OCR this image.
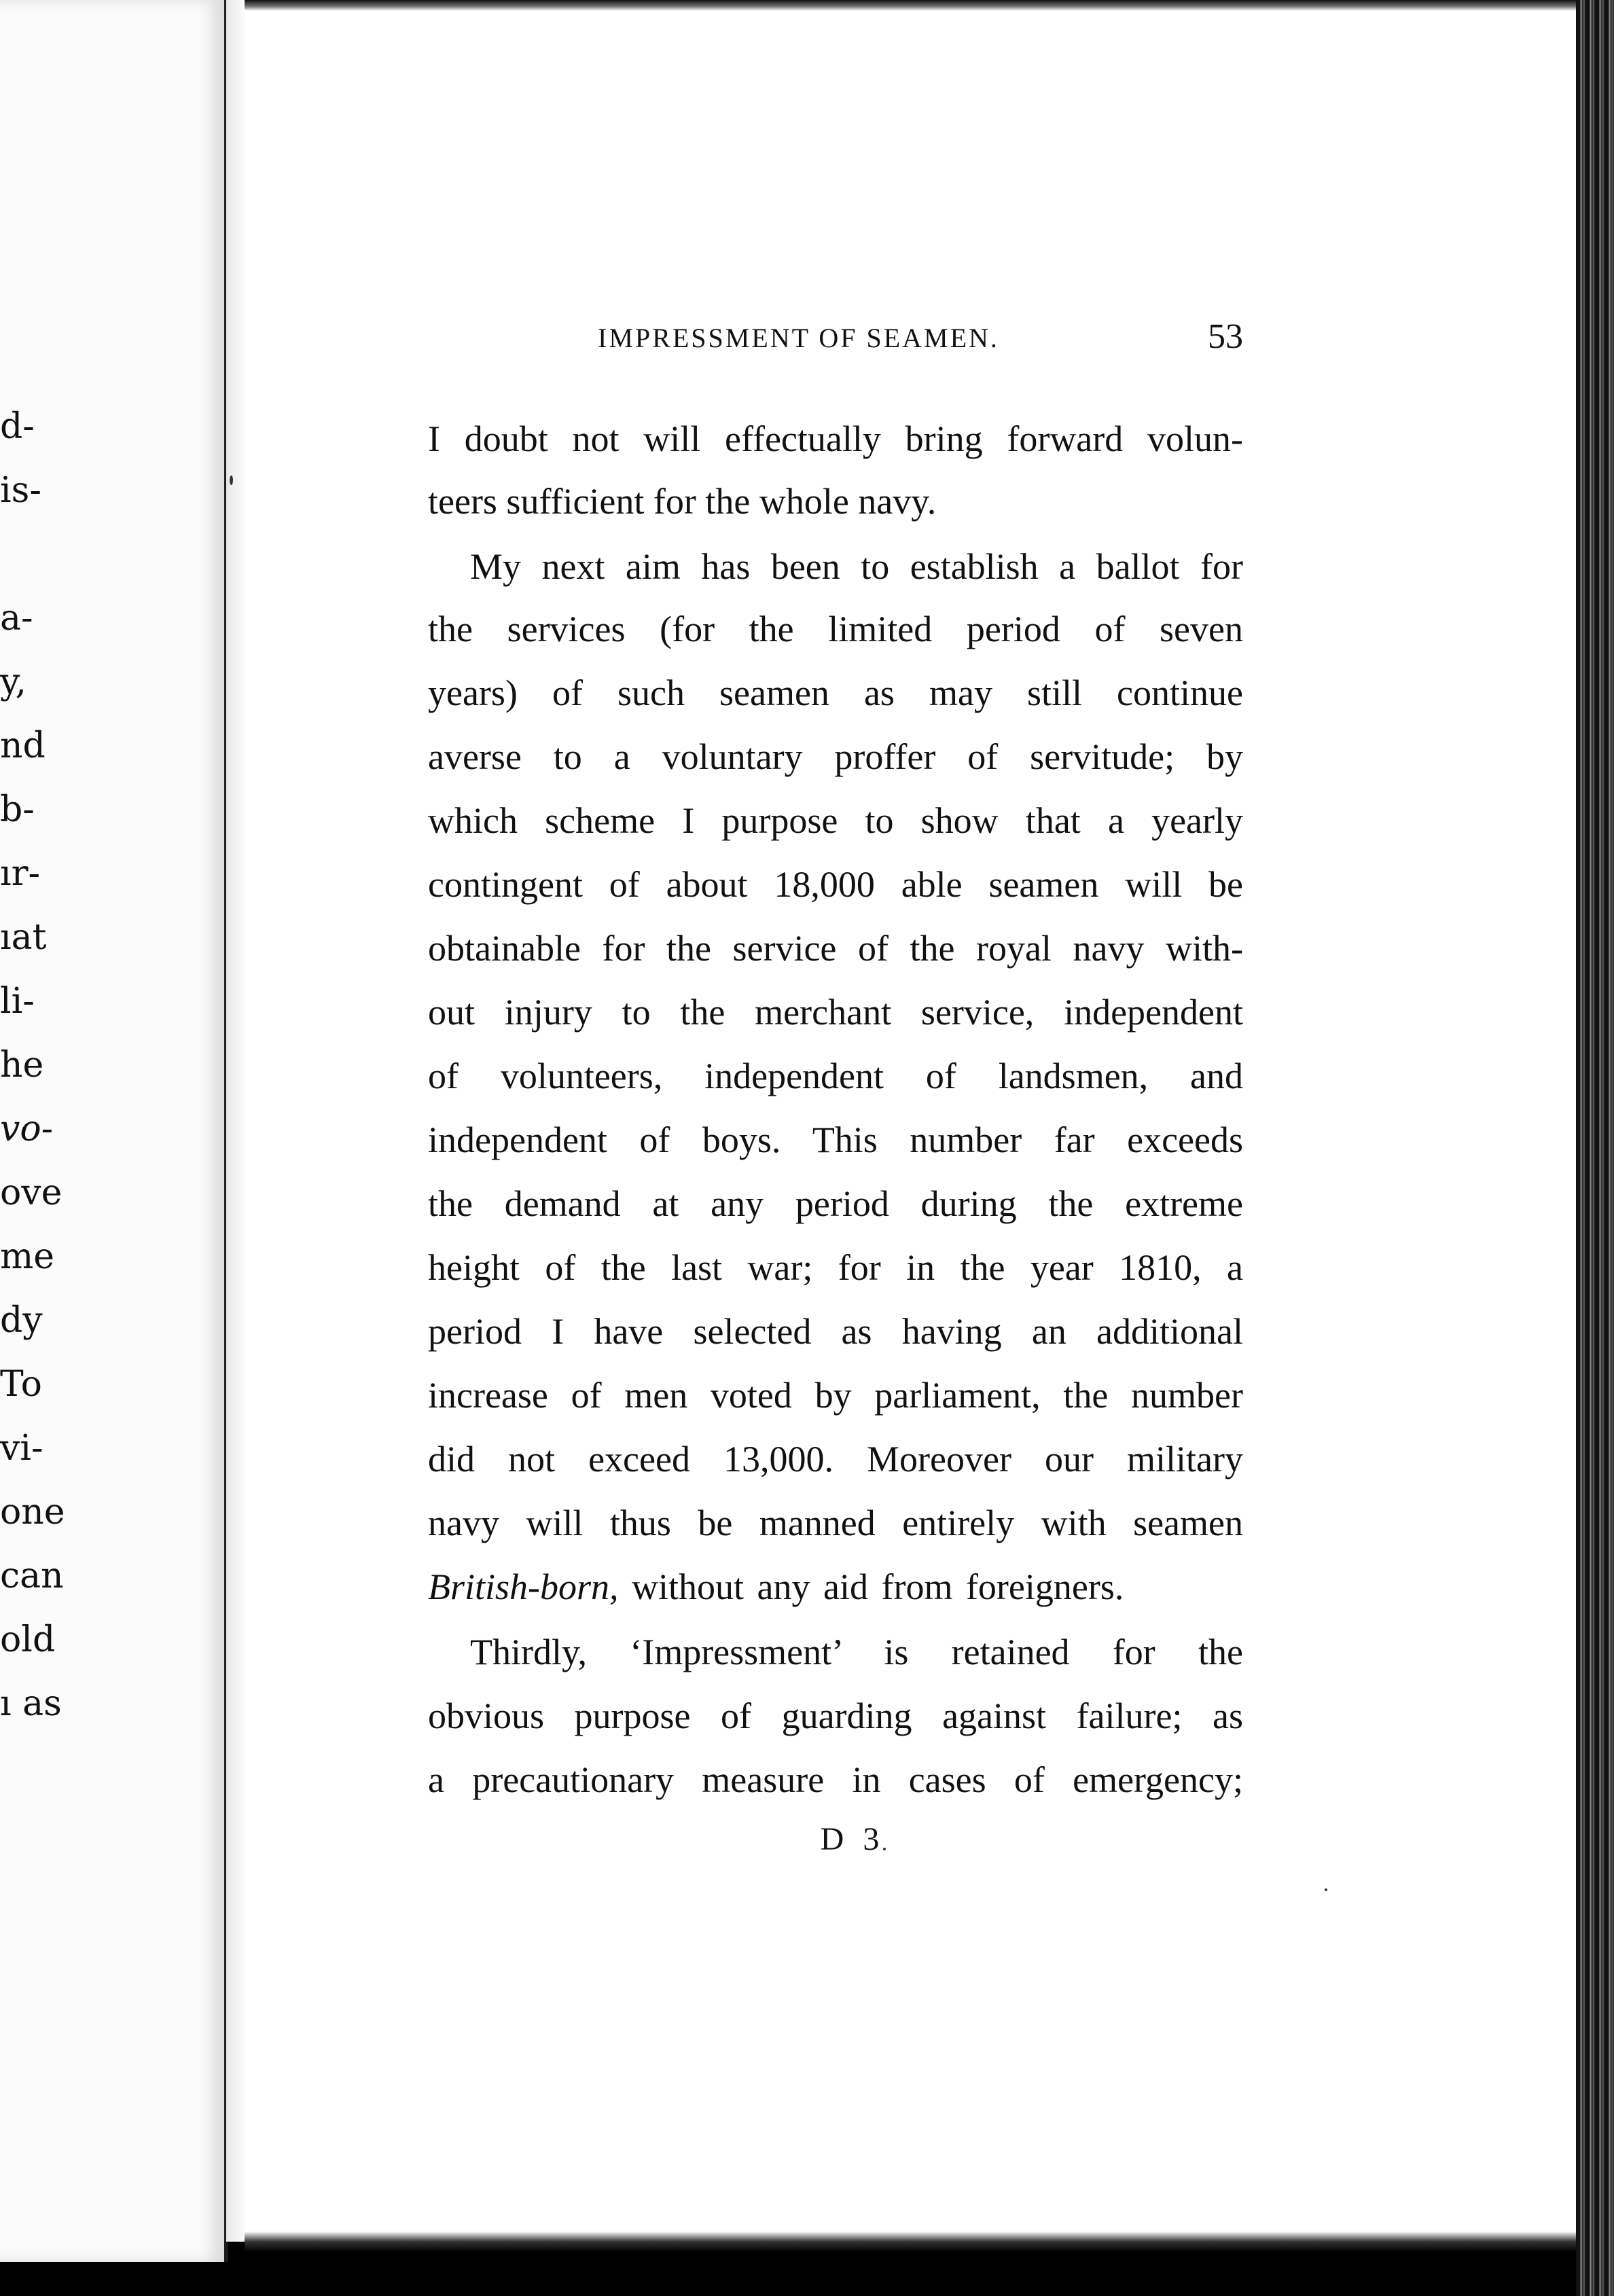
d-
is-
a-
y,
nd
b-
ır-
ıat
li-
he
vo-
ove
me
dy
To
vi-
one
can
old
ı as
IMPRESSMENT OF SEAMEN.	53
I doubt not will effectually bring forward volun-
teers sufficient for the whole navy.
My next aim has been to establish a ballot for
the services (for the limited period of seven
years) of such seamen as may still continue
averse to a voluntary proffer of servitude; by
which scheme I purpose to show that a yearly
contingent of about 18,000 able seamen will be
obtainable for the service of the royal navy with-
out injury to the merchant service, independent
of volunteers, independent of landsmen, and
independent of boys. This number far exceeds
the demand at any period during the extreme
height of the last war; for in the year 1810, a
period I have selected as having an additional
increase of men voted by parliament, the number
did not exceed 13,000. Moreover our military
navy will thus be manned entirely with seamen
British-born, without any aid from foreigners.
Thirdly, ‘Impressment’ is retained for the
obvious purpose of guarding against failure; as
a precautionary measure in cases of emergency;
D 3
